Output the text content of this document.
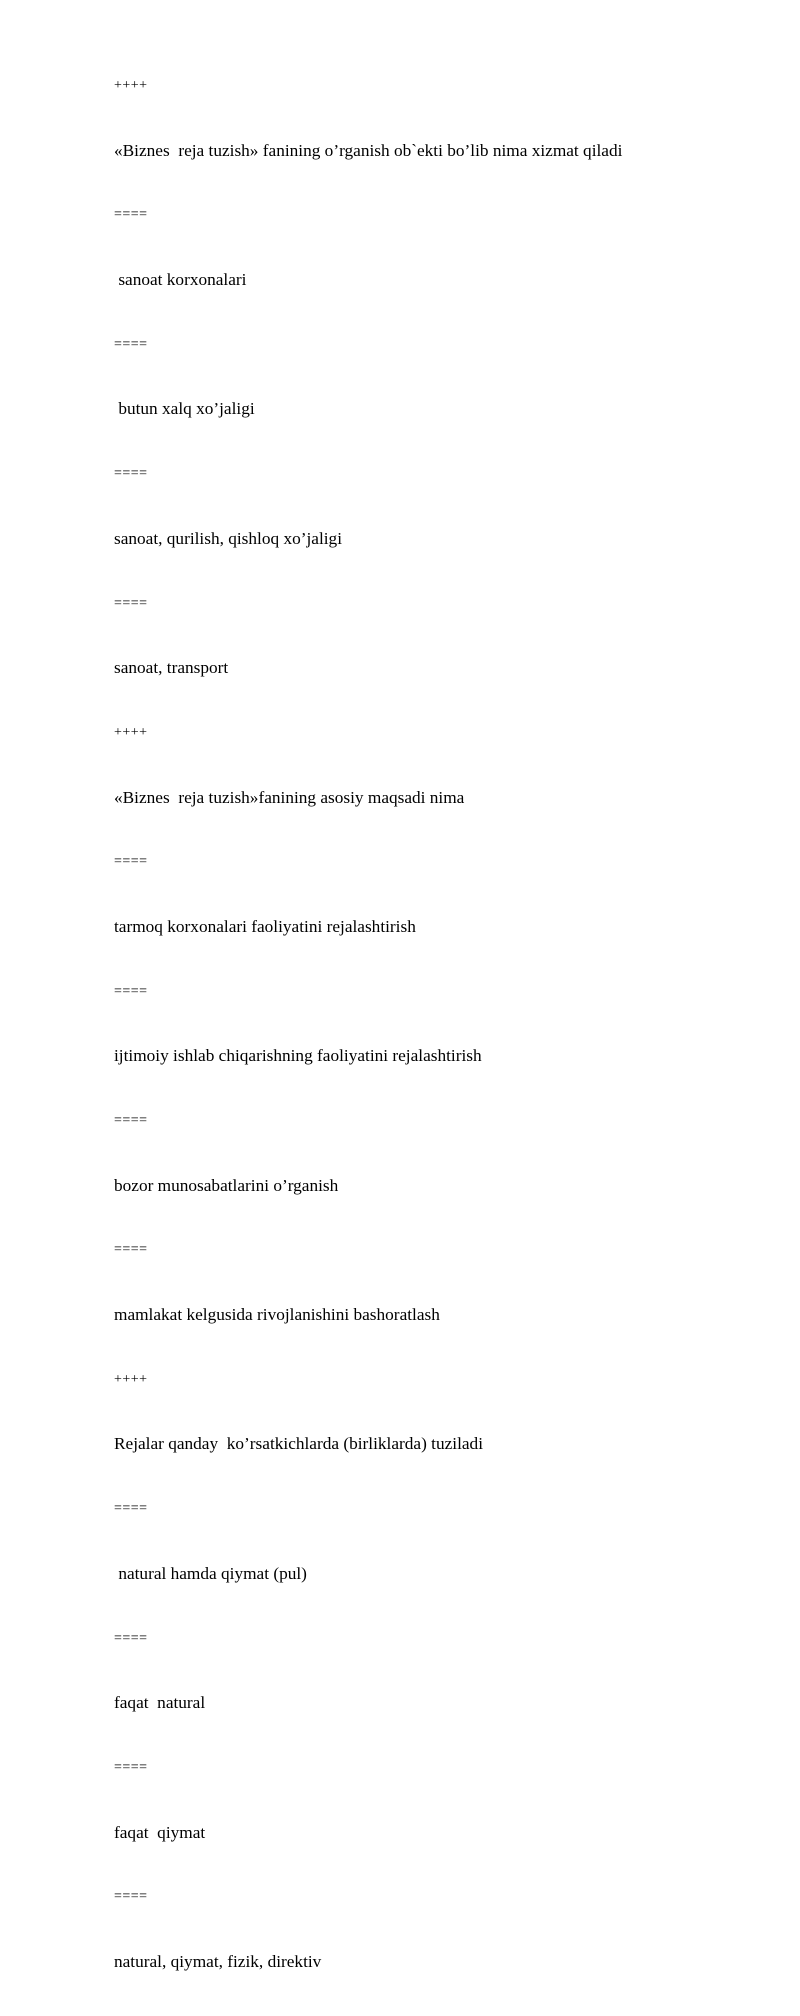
++++

«Biznes  reja tuzish» fanining o’rganish ob`ekti bo’lib nima xizmat qiladi

====

sanoat korxonalari

====

butun xalq xo’jaligi

====

sanoat, qurilish, qishloq xo’jaligi

====

sanoat, transport

++++

«Biznes  reja tuzish»fanining asosiy maqsadi nima

====

tarmoq korxonalari faoliyatini rejalashtirish

====

ijtimoiy ishlab chiqarishning faoliyatini rejalashtirish

====

bozor munosabatlarini o’rganish

====

mamlakat kelgusida rivojlanishini bashoratlash

++++

Rejalar qanday  ko’rsatkichlarda (birliklarda) tuziladi

====

natural hamda qiymat (pul)

====

faqat  natural

====

faqat  qiymat

====

natural, qiymat, fizik, direktiv
